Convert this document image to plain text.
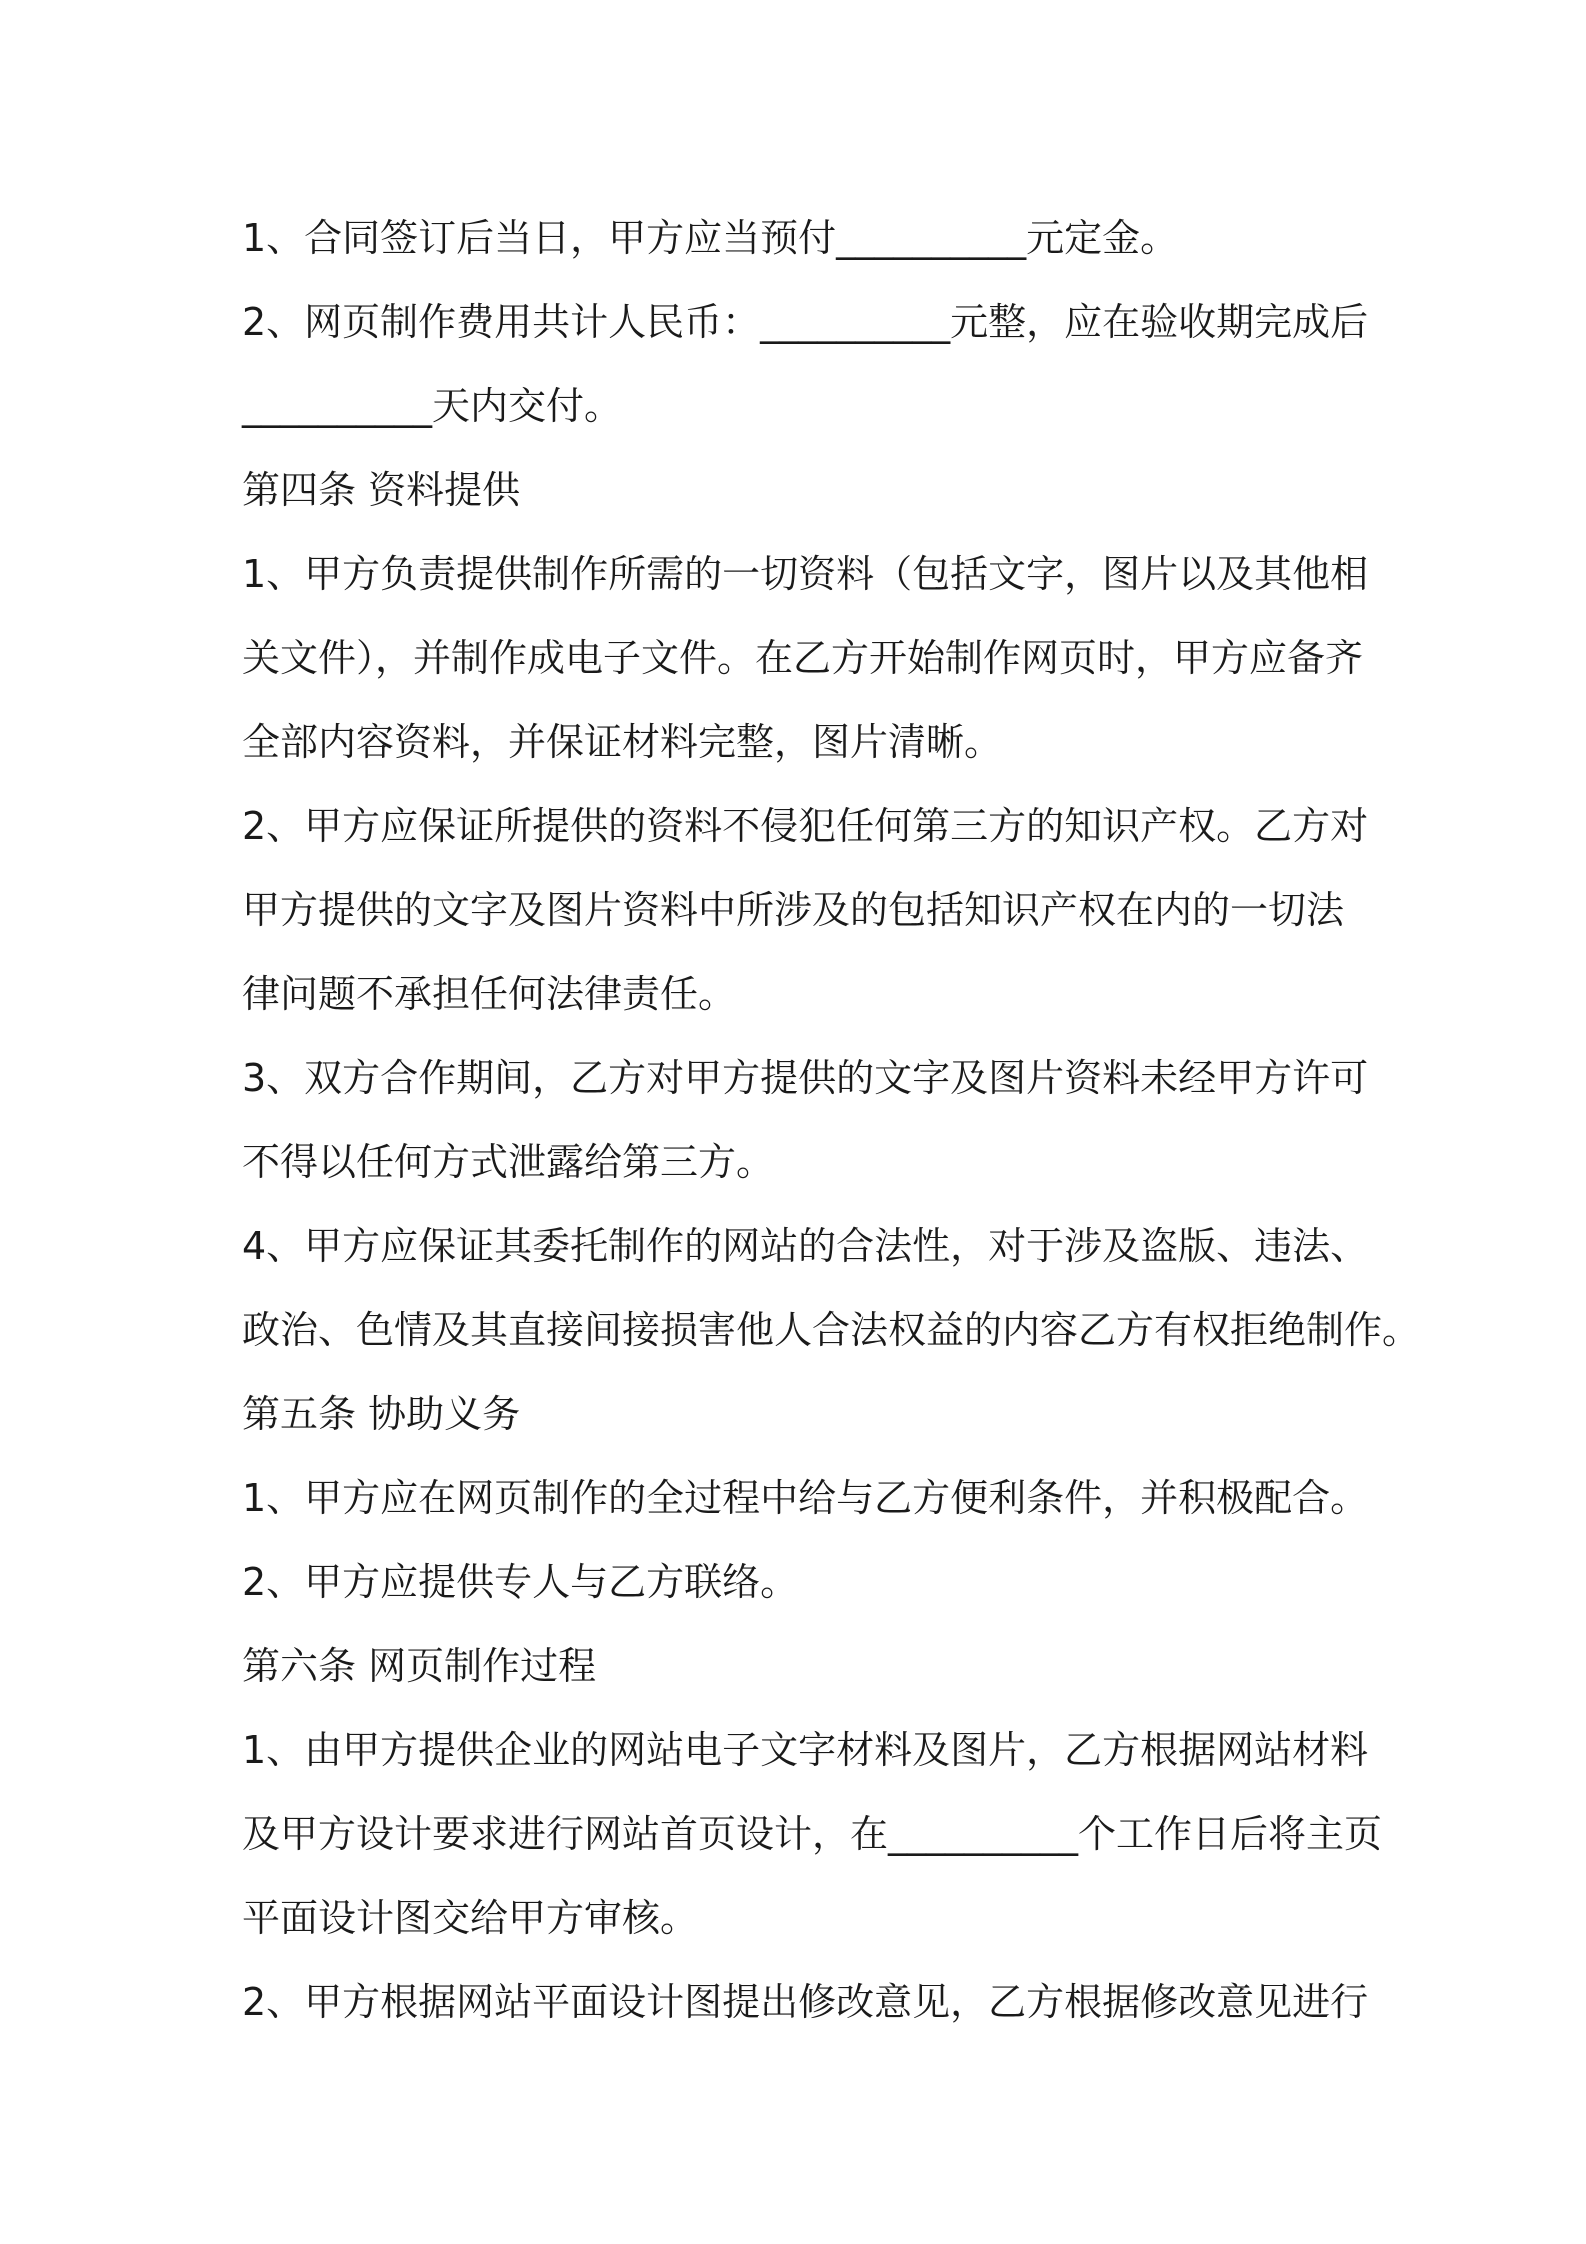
1、合同签订后当日，甲方应当预付__________元定金。
2、网页制作费用共计人民币：__________元整，应在验收期完成后
__________天内交付。
第四条 资料提供
1、甲方负责提供制作所需的一切资料（包括文字，图片以及其他相
关文件），并制作成电子文件。在乙方开始制作网页时，甲方应备齐
全部内容资料，并保证材料完整，图片清晰。
2、甲方应保证所提供的资料不侵犯任何第三方的知识产权。乙方对
甲方提供的文字及图片资料中所涉及的包括知识产权在内的一切法
律问题不承担任何法律责任。
3、双方合作期间，乙方对甲方提供的文字及图片资料未经甲方许可
不得以任何方式泄露给第三方。
4、甲方应保证其委托制作的网站的合法性，对于涉及盗版、违法、
政治、色情及其直接间接损害他人合法权益的内容乙方有权拒绝制作。
第五条 协助义务
1、甲方应在网页制作的全过程中给与乙方便利条件，并积极配合。
2、甲方应提供专人与乙方联络。
第六条 网页制作过程
1、由甲方提供企业的网站电子文字材料及图片，乙方根据网站材料
及甲方设计要求进行网站首页设计，在__________个工作日后将主页
平面设计图交给甲方审核。
2、甲方根据网站平面设计图提出修改意见，乙方根据修改意见进行
